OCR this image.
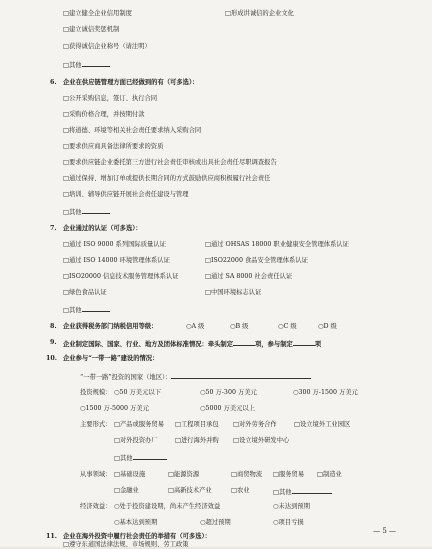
□建立健全企业信用制度	□形成讲诚信的企业文化
□建立诚信奖惩机制
□获得诚信企业称号（请注明）
□其他
6. 企业在供应链管理方面已经做到的有（可多选）：
□公开采购信息，签订、执行合同
□采购价格合理，并按期付款
□将道德、环境等相关社会责任要求纳入采购合同
□要求供应商具备法律所要求的资质
□要求供应链企业委托第三方进行社会责任审核或出具社会责任尽职调查报告
□通过保持、增加订单或提供长期合同的方式鼓励供应商积极履行社会责任
□培训、辅导供应链开展社会责任建设与管理
□其他
7. 企业通过的认证（可多选）：
□通过 ISO 9000 系列国际质量认证	□通过 OHSAS 18000 职业健康安全管理体系认证
□通过 ISO 14000 环境管理体系认证	□ISO22000 食品安全管理体系认证
□ISO20000 信息技术服务管理体系认证	□通过 SA 8000 社会责任认证
□绿色食品认证	□中国环境标志认证
□其他
8. 企业获得税务部门纳税信用等级：	○A 级	○B 级	○C 级	○D 级
9. 企业制定国际、国家、行业、地方及团体标准情况：牵头制定	项，参与制定	项
10. 企业参与“一带一路”建设的情况：
“一带一路”投资的国家（地区）：
投资规模： ○50 万美元以下	○50 万-300 万美元	○300 万-1500 万美元
○1500 万-5000 万美元	○5000 万美元以上
主要形式： □产品或服务贸易 □工程项目承包 □对外劳务合作	□设立境外工业园区
□对外投资办厂	□进行海外并购 □设立境外研发中心
□其他
从事领域： □基础设施	□能源资源	□商贸物流 □服务贸易 □制造业
□金融业	□高新技术产业	□农业	□其他
经济效益： ○处于投资建设期，尚未产生经济效益	○未达到预期
○基本达到预期	○超过预期	○项目亏损
11. 企业在海外投资中履行社会责任的举措有（可多选）：
□遵守东道国法律法规、市场规则、劳工政策
— 5 —
